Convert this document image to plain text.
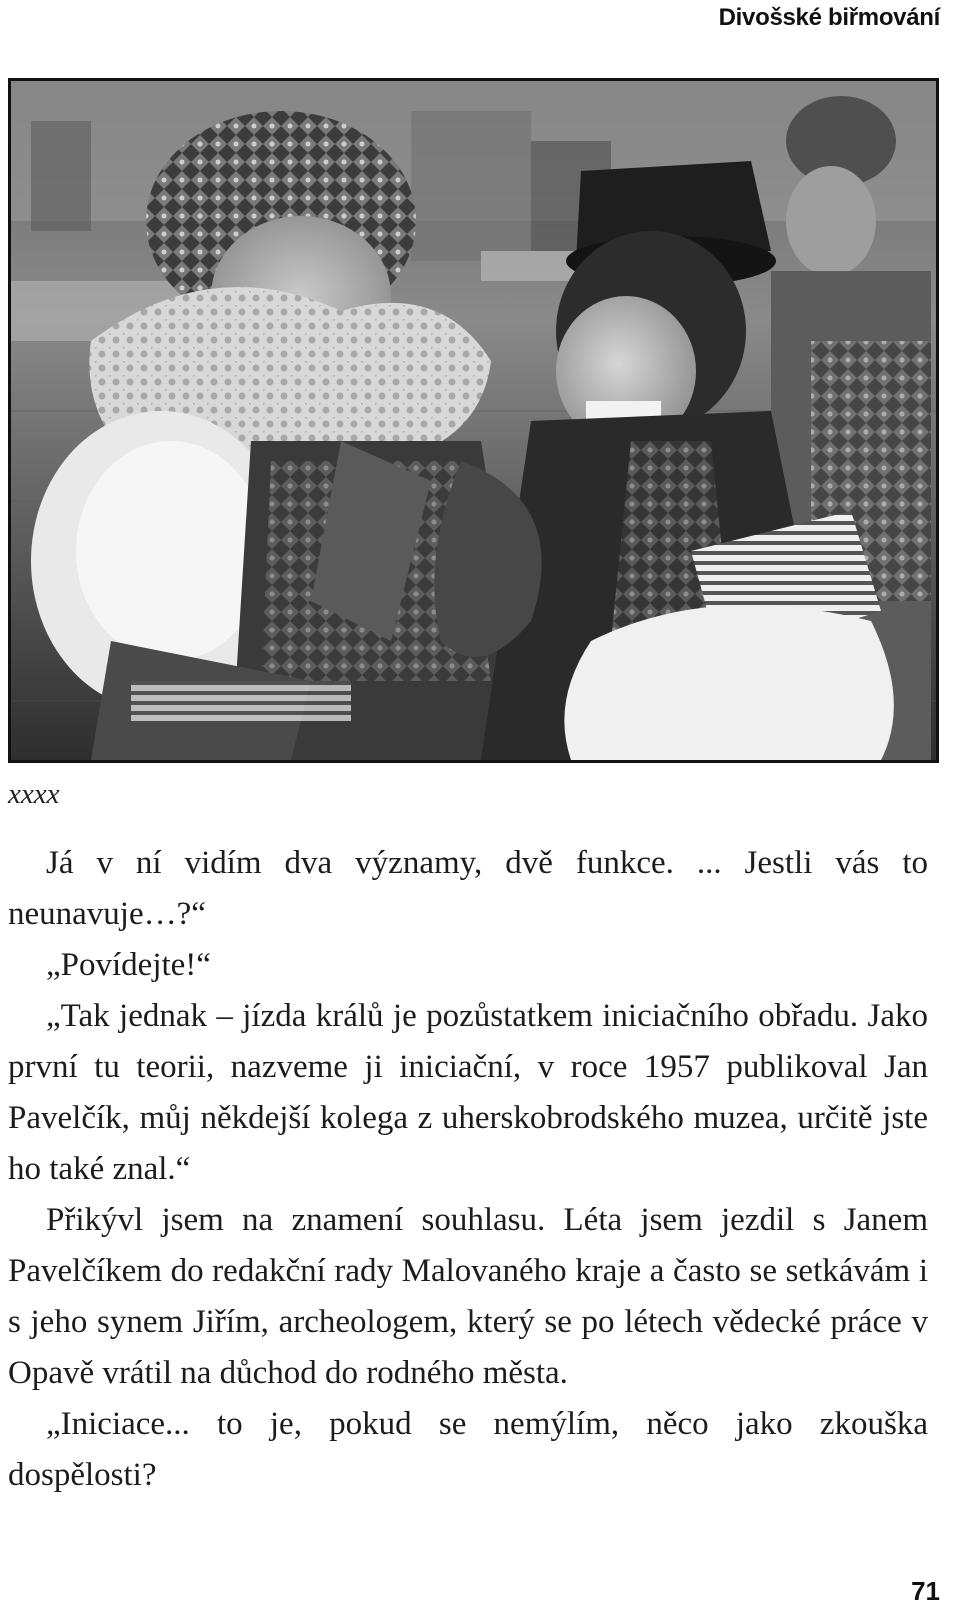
Divošské biřmování
xxxx

Já v ní vidím dva významy, dvě funkce. ... Jestli vás to neunavuje…?“

„Povídejte!“

„Tak jednak – jízda králů je pozůstatkem iniciačního obřadu. Jako první tu teorii, nazveme ji iniciační, v roce 1957 publikoval Jan Pavelčík, můj někdejší kolega z uherskobrodského muzea, určitě jste ho také znal.“

Přikývl jsem na znamení souhlasu. Léta jsem jezdil s Janem Pavelčíkem do redakční rady Malovaného kraje a často se setkávám i s jeho synem Jiřím, archeologem, který se po létech vědecké práce v Opavě vrátil na důchod do rodného města.

„Iniciace... to je, pokud se nemýlím, něco jako zkouška dospělosti?

71
